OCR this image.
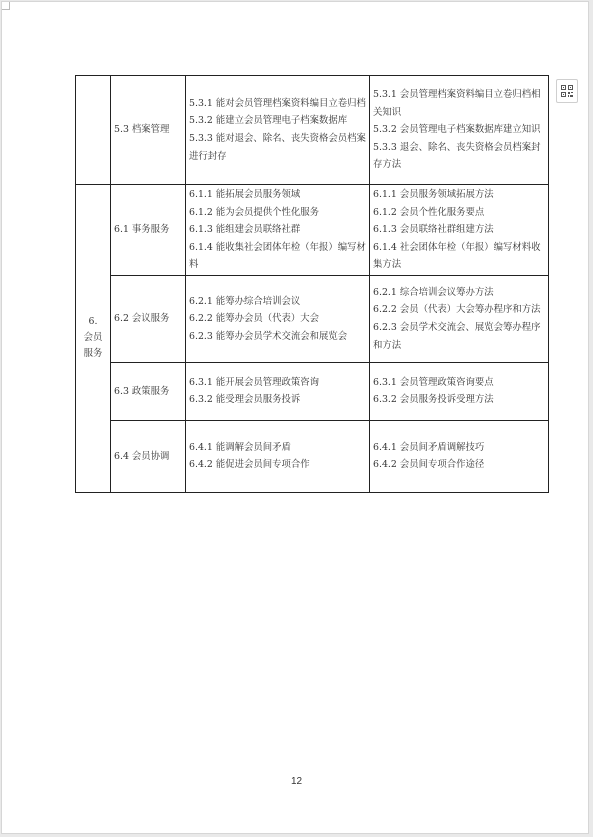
	5.3 档案管理	5.3.1 能对会员管理档案资料编目立卷归档
5.3.2 能建立会员管理电子档案数据库
5.3.3 能对退会、除名、丧失资格会员档案进行封存	5.3.1 会员管理档案资料编目立卷归档相关知识
5.3.2 会员管理电子档案数据库建立知识
5.3.3 退会、除名、丧失资格会员档案封存方法

6.
会员
服务	6.1 事务服务	6.1.1 能拓展会员服务领域
6.1.2 能为会员提供个性化服务
6.1.3 能组建会员联络社群
6.1.4 能收集社会团体年检（年报）编写材料	6.1.1 会员服务领域拓展方法
6.1.2 会员个性化服务要点
6.1.3 会员联络社群组建方法
6.1.4 社会团体年检（年报）编写材料收集方法

	6.2 会议服务	6.2.1 能筹办综合培训会议
6.2.2 能筹办会员（代表）大会
6.2.3 能筹办会员学术交流会和展览会	6.2.1 综合培训会议筹办方法
6.2.2 会员（代表）大会筹办程序和方法
6.2.3 会员学术交流会、展览会筹办程序和方法

	6.3 政策服务	6.3.1 能开展会员管理政策咨询
6.3.2 能受理会员服务投诉	6.3.1 会员管理政策咨询要点
6.3.2 会员服务投诉受理方法

	6.4 会员协调	6.4.1 能调解会员间矛盾
6.4.2 能促进会员间专项合作	6.4.1 会员间矛盾调解技巧
6.4.2 会员间专项合作途径
12
